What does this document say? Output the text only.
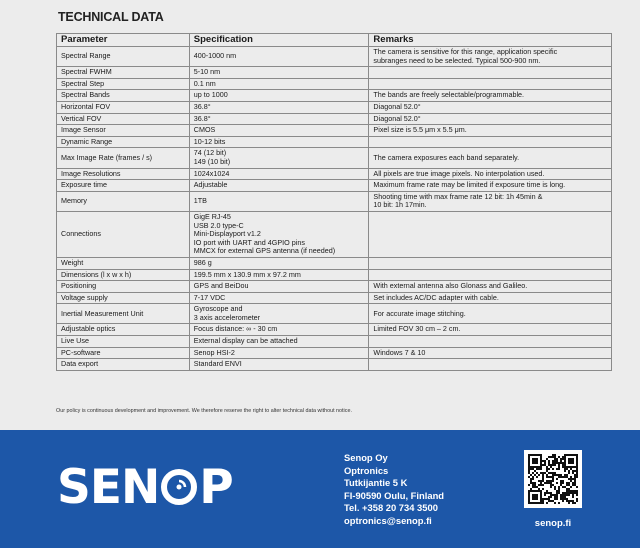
TECHNICAL DATA
Parameter	Specification	Remarks
Spectral Range	400-1000 nm	The camera is sensitive for this range, application specific
subranges need to be selected. Typical 500-900 nm.

Spectral FWHM	5-10 nm	

Spectral Step	0.1 nm	

Spectral Bands	up to 1000	The bands are freely selectable/programmable.

Horizontal FOV	36.8°	Diagonal 52.0°

Vertical FOV	36.8°	Diagonal 52.0°

Image Sensor	CMOS	Pixel size is 5.5 μm x 5.5 μm.

Dynamic Range	10-12 bits	

Max Image Rate (frames / s)	74 (12 bit)
149 (10 bit)	The camera exposures each band separately.

Image Resolutions	1024x1024	All pixels are true image pixels. No interpolation used.

Exposure time	Adjustable	Maximum frame rate may be limited if exposure time is long.

Memory	1TB	Shooting time with max frame rate 12 bit: 1h 45min &
10 bit: 1h 17min.

Connections	GigE RJ-45
USB 2.0 type-C
Mini-Displayport v1.2
IO port with UART and 4GPIO pins
MMCX for external GPS antenna (if needed)	

Weight	986 g	

Dimensions (l x w x h)	199.5 mm x 130.9 mm x 97.2 mm	

Positioning	GPS and BeiDou	With external antenna also Glonass and Galileo.

Voltage supply	7-17 VDC	Set includes AC/DC adapter with cable.

Inertial Measurement Unit	Gyroscope and
3 axis accelerometer	For accurate image stitching.

Adjustable optics	Focus distance: ∞ - 30 cm	Limited FOV 30 cm – 2 cm.

Live Use	External display can be attached	

PC-software	Senop HSI-2	Windows 7 & 10

Data export	Standard ENVI	

Our policy is continuous development and improvement. We therefore reserve the right to alter technical data without notice.
SEN P
Senop Oy
Optronics
Tutkijantie 5 K
FI-90590 Oulu, Finland
Tel. +358 20 734 3500
optronics@senop.fi	senop.fi
